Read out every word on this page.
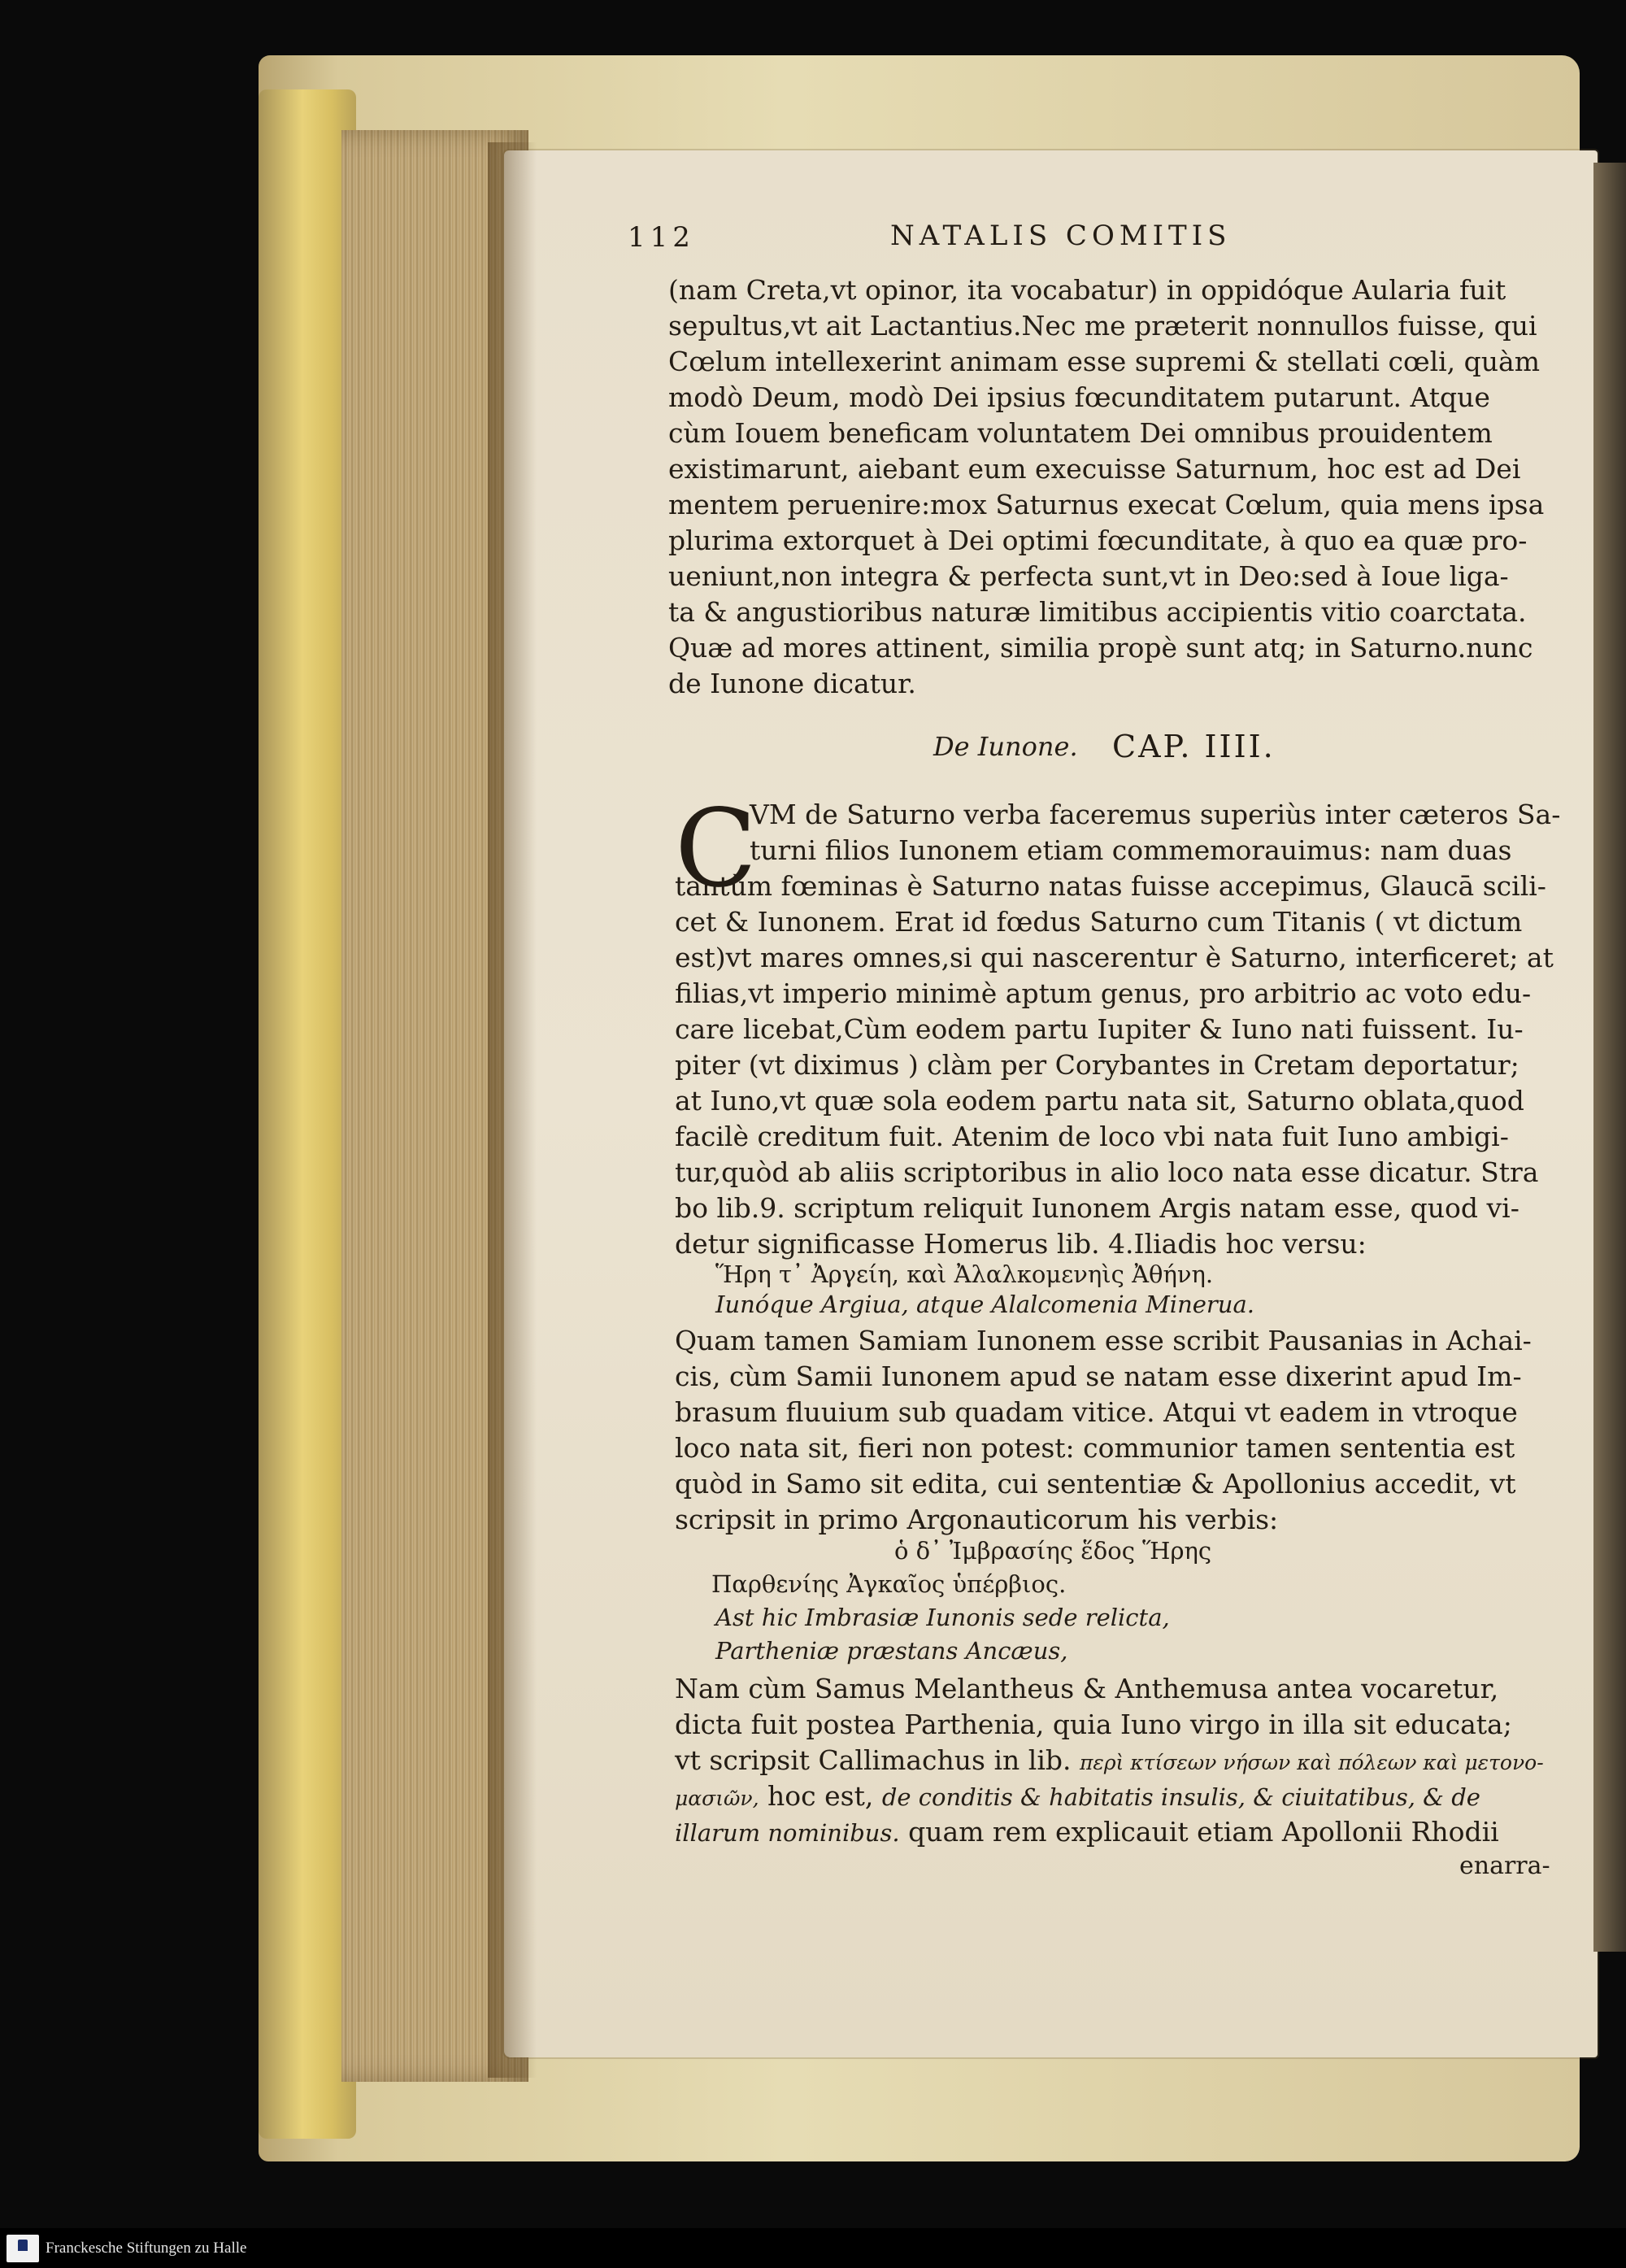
112	NATALIS COMITIS
(nam Creta,vt opinor, ita vocabatur) in oppidóque Aularia fuit
sepultus,vt ait Lactantius.Nec me præterit nonnullos fuisse, qui
Cœlum intellexerint animam esse supremi & stellati cœli, quàm
modò Deum, modò Dei ipsius fœcunditatem putarunt. Atque
cùm Iouem beneficam voluntatem Dei omnibus prouidentem
existimarunt, aiebant eum execuisse Saturnum, hoc est ad Dei
mentem peruenire:mox Saturnus execat Cœlum, quia mens ipsa
plurima extorquet à Dei optimi fœcunditate, à quo ea quæ pro-
ueniunt,non integra & perfecta sunt,vt in Deo:sed à Ioue liga-
ta & angustioribus naturæ limitibus accipientis vitio coarctata.
Quæ ad mores attinent, similia propè sunt atq; in Saturno.nunc
de Iunone dicatur.
De Iunone. CAP. IIII.
C
VM de Saturno verba faceremus superiùs inter cæteros Sa-
turni filios Iunonem etiam commemorauimus: nam duas
tantùm fœminas è Saturno natas fuisse accepimus, Glaucā scili-
cet & Iunonem. Erat id fœdus Saturno cum Titanis ( vt dictum
est)vt mares omnes,si qui nascerentur è Saturno, interficeret; at
filias,vt imperio minimè aptum genus, pro arbitrio ac voto edu-
care licebat,Cùm eodem partu Iupiter & Iuno nati fuissent. Iu-
piter (vt diximus ) clàm per Corybantes in Cretam deportatur;
at Iuno,vt quæ sola eodem partu nata sit, Saturno oblata,quod
facilè creditum fuit. Atenim de loco vbi nata fuit Iuno ambigi-
tur,quòd ab aliis scriptoribus in alio loco nata esse dicatur. Stra
bo lib.9. scriptum reliquit Iunonem Argis natam esse, quod vi-
detur significasse Homerus lib. 4.Iliadis hoc versu:
Ἥρη τ᾽ Ἀργείη, καὶ Ἀλαλκομενηὶς Ἀθήνη.
Iunóque Argiua, atque Alalcomenia Minerua.
Quam tamen Samiam Iunonem esse scribit Pausanias in Achai-
cis, cùm Samii Iunonem apud se natam esse dixerint apud Im-
brasum fluuium sub quadam vitice. Atqui vt eadem in vtroque
loco nata sit, fieri non potest: communior tamen sententia est
quòd in Samo sit edita, cui sententiæ & Apollonius accedit, vt
scripsit in primo Argonauticorum his verbis:
ὁ δ᾽ Ἰμβρασίης ἕδος Ἥρης
Παρθενίης Ἀγκαῖος ὑπέρβιος.
Ast hic Imbrasiæ Iunonis sede relicta,
Partheniæ præstans Ancæus,
Nam cùm Samus Melantheus & Anthemusa antea vocaretur,
dicta fuit postea Parthenia, quia Iuno virgo in illa sit educata;
vt scripsit Callimachus in lib. περὶ κτίσεων νήσων καὶ πόλεων καὶ μετονο-
μασιῶν, hoc est, de conditis & habitatis insulis, & ciuitatibus, & de
illarum nominibus. quam rem explicauit etiam Apollonii Rhodii
enarra-
Franckesche Stiftungen zu Halle
